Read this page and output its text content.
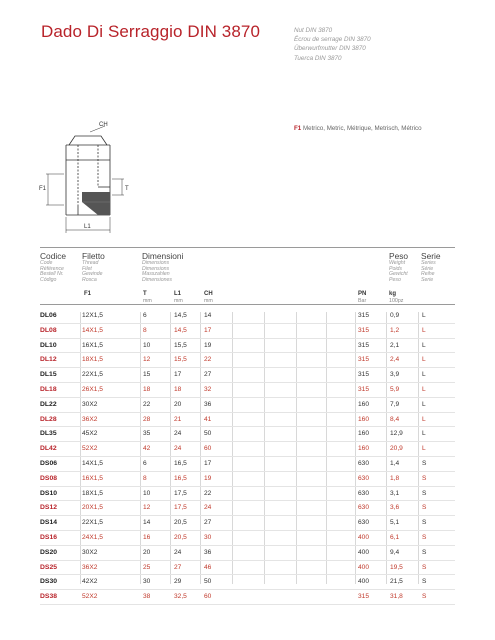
Dado Di Serraggio DIN 3870	Nut DIN 3870
Écrou de serrage DIN 3870
Überwurfmutter DIN 3870
Tuerca DIN 3870
CH
F1	T
L1
F1 Metrico, Metric, Métrique, Metrisch, Métrico
Codice
Code
Référence
Bestell Nr.
Código
Filetto
Thread
Filet
Gewinde
Rosca
Dimensioni
Dimensions
Dimensions
Masszahlen
Dimensiones
Peso
Weight
Poids
Gewicht
Peso
Serie
Series
Série
Reihe
Serie
F1	T
mm
L1
mm
CH
mm
PN
Bar
kg
100pz
DL06	12X1,5	6	14,5	14	315	0,9	L
DL08	14X1,5	8	14,5	17	315	1,2	L
DL10	16X1,5	10	15,5	19	315	2,1	L
DL12	18X1,5	12	15,5	22	315	2,4	L
DL15	22X1,5	15	17	27	315	3,9	L
DL18	26X1,5	18	18	32	315	5,9	L
DL22	30X2	22	20	36	160	7,9	L
DL28	36X2	28	21	41	160	8,4	L
DL35	45X2	35	24	50	160	12,9	L
DL42	52X2	42	24	60	160	20,9	L
DS06	14X1,5	6	16,5	17	630	1,4	S
DS08	16X1,5	8	16,5	19	630	1,8	S
DS10	18X1,5	10	17,5	22	630	3,1	S
DS12	20X1,5	12	17,5	24	630	3,6	S
DS14	22X1,5	14	20,5	27	630	5,1	S
DS16	24X1,5	16	20,5	30	400	6,1	S
DS20	30X2	20	24	36	400	9,4	S
DS25	36X2	25	27	46	400	19,5	S
DS30	42X2	30	29	50	400	21,5	S
DS38	52X2	38	32,5	60	315	31,8	S
